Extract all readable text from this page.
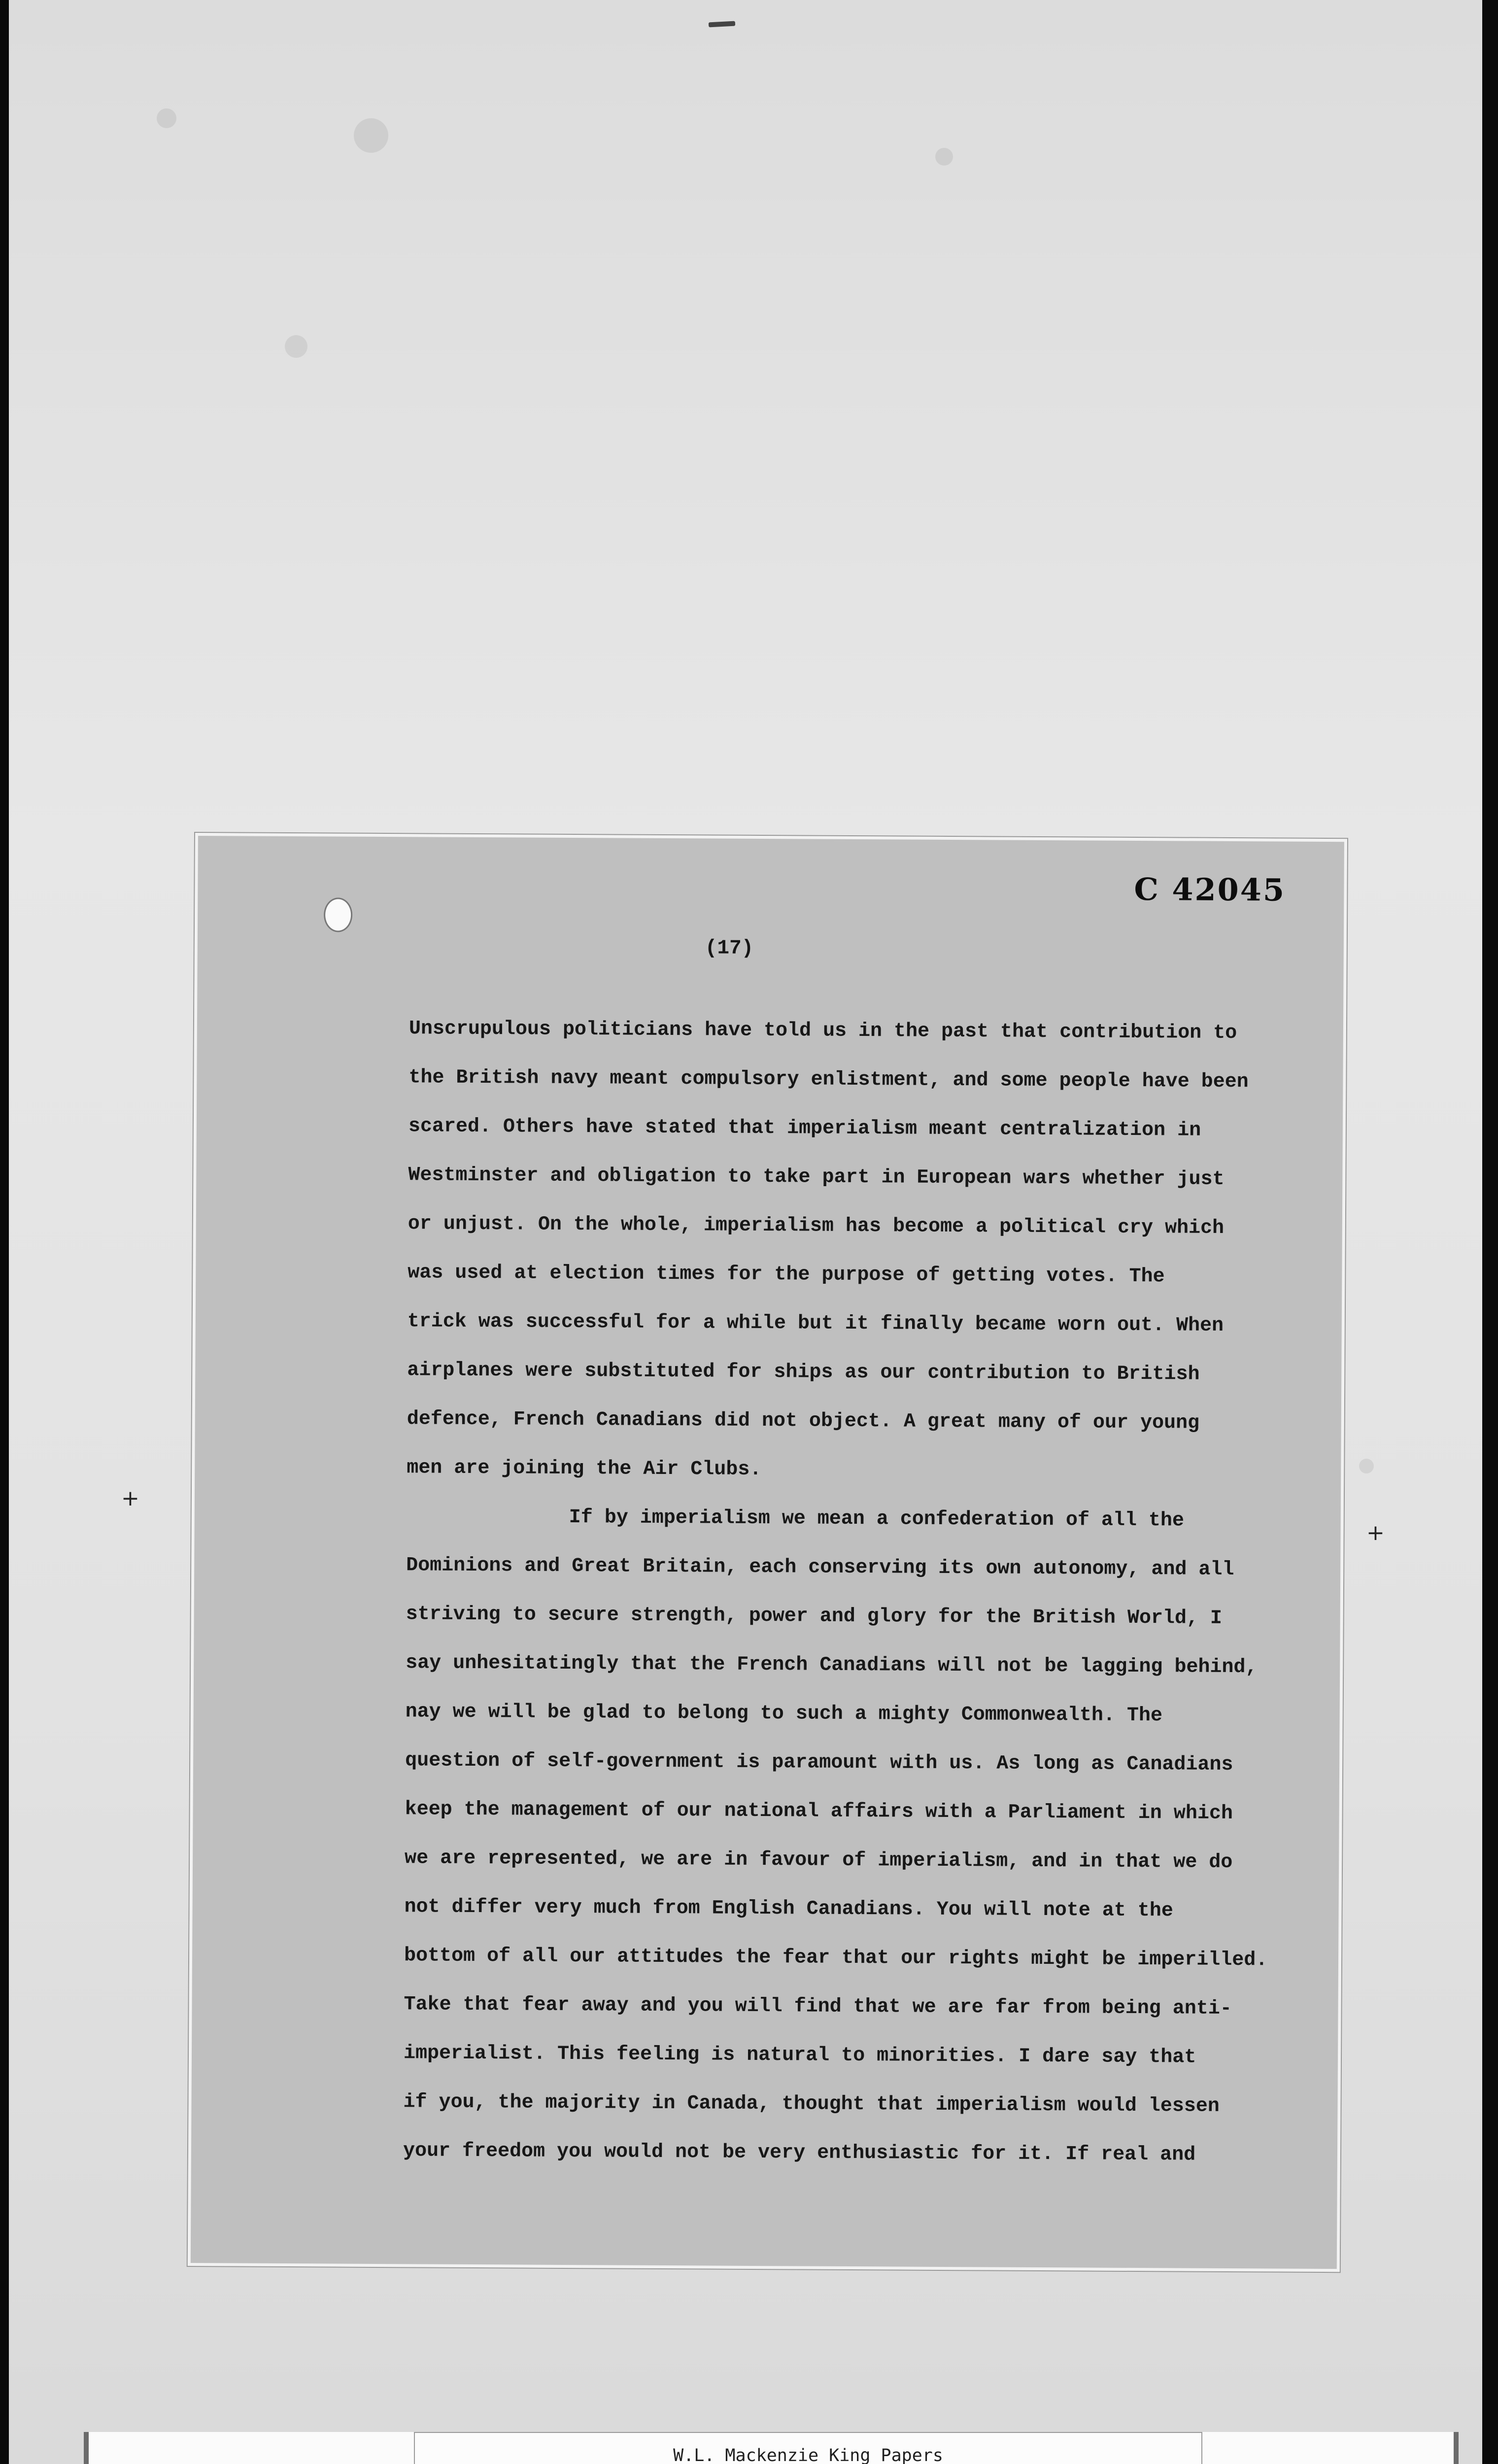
+
+

C 42045

(17)

Unscrupulous politicians have told us in the past that contribution to
the British navy meant compulsory enlistment, and some people have been
scared. Others have stated that imperialism meant centralization in
Westminster and obligation to take part in European wars whether just
or unjust. On the whole, imperialism has become a political cry which
was used at election times for the purpose of getting votes. The
trick was successful for a while but it finally became worn out. When
airplanes were substituted for ships as our contribution to British
defence, French Canadians did not object. A great many of our young
men are joining the Air Clubs.
If by imperialism we mean a confederation of all the
Dominions and Great Britain, each conserving its own autonomy, and all
striving to secure strength, power and glory for the British World, I
say unhesitatingly that the French Canadians will not be lagging behind,
nay we will be glad to belong to such a mighty Commonwealth. The
question of self-government is paramount with us. As long as Canadians
keep the management of our national affairs with a Parliament in which
we are represented, we are in favour of imperialism, and in that we do
not differ very much from English Canadians. You will note at the
bottom of all our attitudes the fear that our rights might be imperilled.
Take that fear away and you will find that we are far from being anti-
imperialist. This feeling is natural to minorities. I dare say that
if you, the majority in Canada, thought that imperialism would lessen
your freedom you would not be very enthusiastic for it. If real and
W.L. Mackenzie King Papers
